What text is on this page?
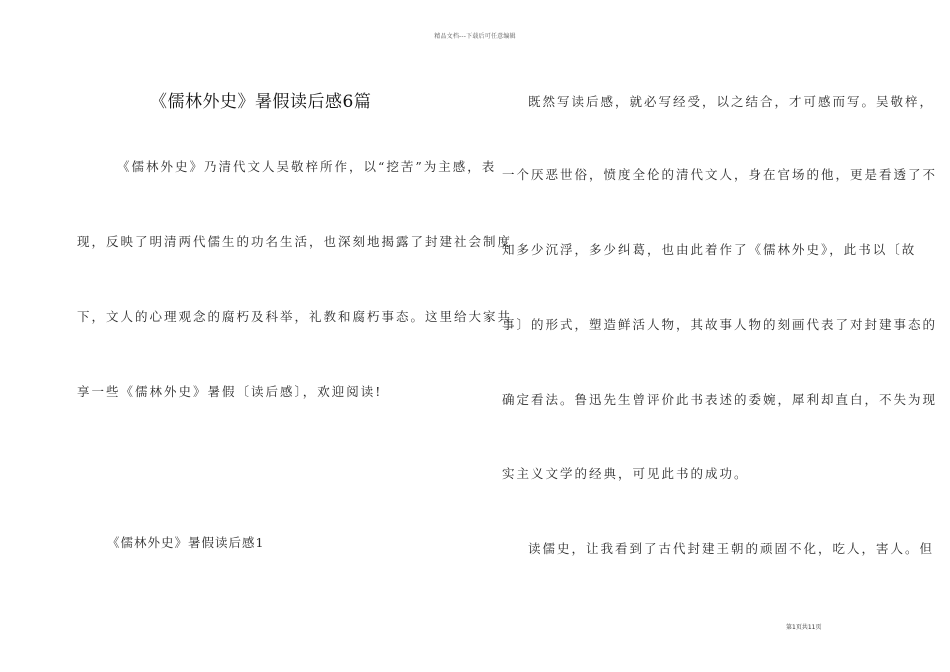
精品文档---下载后可任意编辑
《儒林外史》暑假读后感6篇
《儒林外史》乃清代文人吴敬梓所作，以“挖苦”为主感，表
现，反映了明清两代儒生的功名生活，也深刻地揭露了封建社会制度
下，文人的心理观念的腐朽及科举，礼教和腐朽事态。这里给大家共
享一些《儒林外史》暑假〔读后感〕，欢迎阅读!
《儒林外史》暑假读后感1
既然写读后感，就必写经受，以之结合，才可感而写。吴敬梓，
一个厌恶世俗，愤度全伦的清代文人，身在官场的他，更是看透了不
知多少沉浮，多少纠葛，也由此着作了《儒林外史》，此书以〔故
事〕的形式，塑造鲜活人物，其故事人物的刻画代表了对封建事态的
确定看法。鲁迅先生曾评价此书表述的委婉，犀利却直白，不失为现
实主义文学的经典，可见此书的成功。
读儒史，让我看到了古代封建王朝的顽固不化，吃人，害人。但
第1页共11页
